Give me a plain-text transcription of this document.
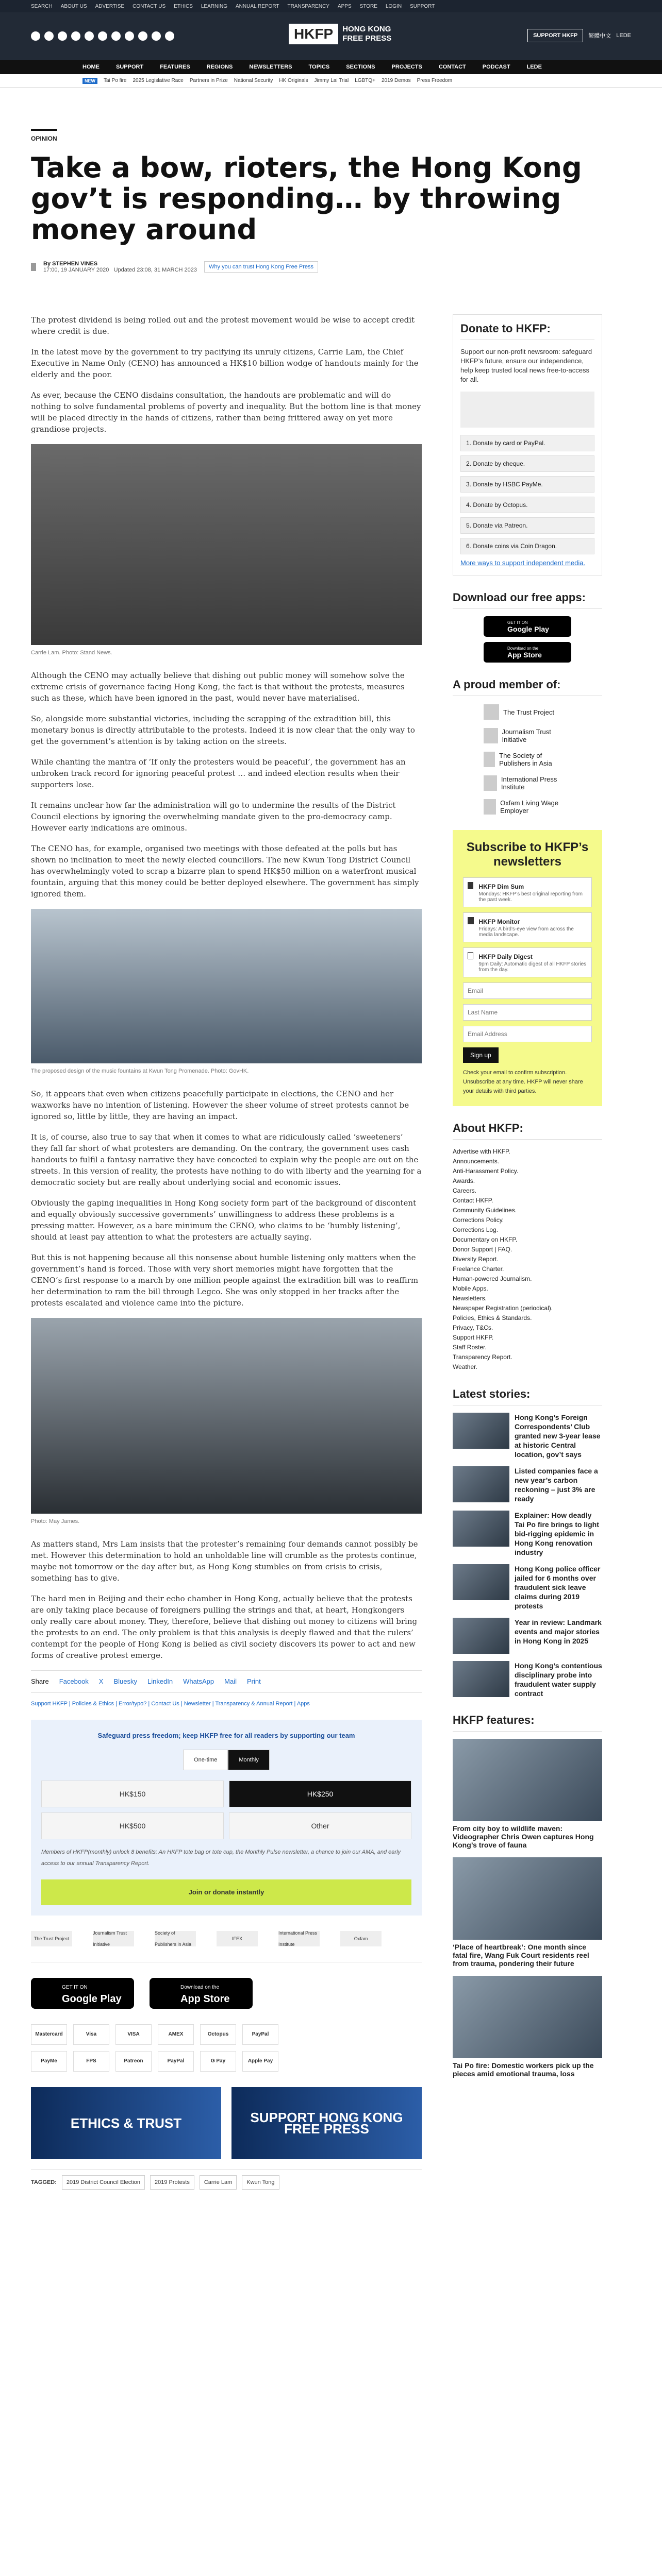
SEARCH ABOUT US ADVERTISE CONTACT US ETHICS LEARNING ANNUAL REPORT TRANSPARENCY APPS STORE LOGIN SUPPORT
HKFP	HONG KONG
FREE PRESS	SUPPORT HKFP	繁體中文 LEDE
HOME	SUPPORT	FEATURES	REGIONS	NEWSLETTERS	TOPICS	SECTIONS	PROJECTS	CONTACT	PODCAST	LEDE
NEW	Tai Po fire 2025 Legislative Race Partners in Prize National Security HK Originals Jimmy Lai Trial LGBTQ+ 2019 Demos Press Freedom
OPINION
Take a bow, rioters, the Hong Kong gov’t is responding… by throwing money around
By STEPHEN VINES
17:00, 19 JANUARY 2020 Updated 23:08, 31 MARCH 2023	Why you can trust Hong Kong Free Press

The protest dividend is being rolled out and the protest movement would be wise to accept credit where credit is due.

In the latest move by the government to try pacifying its unruly citizens, Carrie Lam, the Chief Executive in Name Only (CENO) has announced a HK$10 billion wodge of handouts mainly for the elderly and the poor.

As ever, because the CENO disdains consultation, the handouts are problematic and will do nothing to solve fundamental problems of poverty and inequality. But the bottom line is that money will be placed directly in the hands of citizens, rather than being frittered away on yet more grandiose projects.

Carrie Lam. Photo: Stand News.

Although the CENO may actually believe that dishing out public money will somehow solve the extreme crisis of governance facing Hong Kong, the fact is that without the protests, measures such as these, which have been ignored in the past, would never have materialised.

So, alongside more substantial victories, including the scrapping of the extradition bill, this monetary bonus is directly attributable to the protests. Indeed it is now clear that the only way to get the government’s attention is by taking action on the streets.

While chanting the mantra of ‘If only the protesters would be peaceful’, the government has an unbroken track record for ignoring peaceful protest … and indeed election results when their supporters lose.

It remains unclear how far the administration will go to undermine the results of the District Council elections by ignoring the overwhelming mandate given to the pro-democracy camp. However early indications are ominous.

The CENO has, for example, organised two meetings with those defeated at the polls but has shown no inclination to meet the newly elected councillors. The new Kwun Tong District Council has overwhelmingly voted to scrap a bizarre plan to spend HK$50 million on a waterfront musical fountain, arguing that this money could be better deployed elsewhere. The government has simply ignored them.

The proposed design of the music fountains at Kwun Tong Promenade. Photo: GovHK.

So, it appears that even when citizens peacefully participate in elections, the CENO and her waxworks have no intention of listening. However the sheer volume of street protests cannot be ignored so, little by little, they are having an impact.

It is, of course, also true to say that when it comes to what are ridiculously called ‘sweeteners’ they fall far short of what protesters are demanding. On the contrary, the government uses cash handouts to fulfil a fantasy narrative they have concocted to explain why the people are out on the streets. In this version of reality, the protests have nothing to do with liberty and the yearning for a democratic society but are really about underlying social and economic issues.

Obviously the gaping inequalities in Hong Kong society form part of the background of discontent and equally obviously successive governments’ unwillingness to address these problems is a pressing matter. However, as a bare minimum the CENO, who claims to be ‘humbly listening’, should at least pay attention to what the protesters are actually saying.

But this is not happening because all this nonsense about humble listening only matters when the government’s hand is forced. Those with very short memories might have forgotten that the CENO’s first response to a march by one million people against the extradition bill was to reaffirm her determination to ram the bill through Legco. She was only stopped in her tracks after the protests escalated and violence came into the picture.

Photo: May James.

As matters stand, Mrs Lam insists that the protester’s remaining four demands cannot possibly be met. However this determination to hold an unholdable line will crumble as the protests continue, maybe not tomorrow or the day after but, as Hong Kong stumbles on from crisis to crisis, something has to give.

The hard men in Beijing and their echo chamber in Hong Kong, actually believe that the protests are only taking place because of foreigners pulling the strings and that, at heart, Hongkongers only really care about money. They, therefore, believe that dishing out money to citizens will bring the protests to an end. The only problem is that this analysis is deeply flawed and that the rulers’ contempt for the people of Hong Kong is belied as civil society discovers its power to act and new forms of creative protest emerge.

Share Facebook X Bluesky LinkedIn WhatsApp Mail Print
Support HKFP | Policies & Ethics | Error/typo? | Contact Us | Newsletter | Transparency & Annual Report | Apps
Safeguard press freedom; keep HKFP free for all readers by supporting our team
One-time	Monthly
HK$150	HK$250
HK$500	Other
Members of HKFP(monthly) unlock 8 benefits: An HKFP tote bag or tote cup, the Monthly Pulse newsletter, a chance to join our AMA, and early access to our annual Transparency Report.
Join or donate instantly
The Trust Project
Journalism Trust Initiative
Society of Publishers in Asia
IFEX
International Press Institute
Oxfam
GET IT ON
Google Play
Download on the
App Store
Mastercard	Visa	VISA	AMEX	Octopus	PayPal
PayMe	FPS	Patreon	PayPal	G Pay	Apple Pay
ETHICS & TRUST	SUPPORT HONG KONG FREE PRESS
TAGGED:	2019 District Council Election	2019 Protests	Carrie Lam	Kwun Tong
Donate to HKFP:

Support our non-profit newsroom: safeguard HKFP’s future, ensure our independence, help keep trusted local news free-to-access for all.

1. Donate by card or PayPal.
2. Donate by cheque.
3. Donate by HSBC PayMe.
4. Donate by Octopus.
5. Donate via Patreon.
6. Donate coins via Coin Dragon.

More ways to support independent media.

Download our free apps:
GET IT ON
Google Play
Download on the
App Store
A proud member of:
The Trust Project
Journalism Trust Initiative
The Society of Publishers in Asia
International Press Institute
Oxfam Living Wage Employer
Subscribe to HKFP’s newsletters
HKFP Dim Sum
Mondays: HKFP’s best original reporting from the past week.
HKFP Monitor
Fridays: A bird’s-eye view from across the media landscape.
HKFP Daily Digest
9pm Daily: Automatic digest of all HKFP stories from the day.
Email
Last Name
Email Address
Sign up

Check your email to confirm subscription. Unsubscribe at any time. HKFP will never share your details with third parties.

About HKFP:
Advertise with HKFP.
Announcements.
Anti-Harassment Policy.
Awards.
Careers.
Contact HKFP.
Community Guidelines.
Corrections Policy.
Corrections Log.
Documentary on HKFP.
Donor Support | FAQ.
Diversity Report.
Freelance Charter.
Human-powered Journalism.
Mobile Apps.
Newsletters.
Newspaper Registration (periodical).
Policies, Ethics & Standards.
Privacy, T&Cs.
Support HKFP.
Staff Roster.
Transparency Report.
Weather.
Latest stories:
Hong Kong’s Foreign Correspondents’ Club granted new 3-year lease at historic Central location, gov’t says
Listed companies face a new year’s carbon reckoning – just 3% are ready
Explainer: How deadly Tai Po fire brings to light bid-rigging epidemic in Hong Kong renovation industry
Hong Kong police officer jailed for 6 months over fraudulent sick leave claims during 2019 protests
Year in review: Landmark events and major stories in Hong Kong in 2025
Hong Kong’s contentious disciplinary probe into fraudulent water supply contract
HKFP features:
From city boy to wildlife maven: Videographer Chris Owen captures Hong Kong’s trove of fauna
‘Place of heartbreak’: One month since fatal fire, Wang Fuk Court residents reel from trauma, pondering their future
Tai Po fire: Domestic workers pick up the pieces amid emotional trauma, loss
